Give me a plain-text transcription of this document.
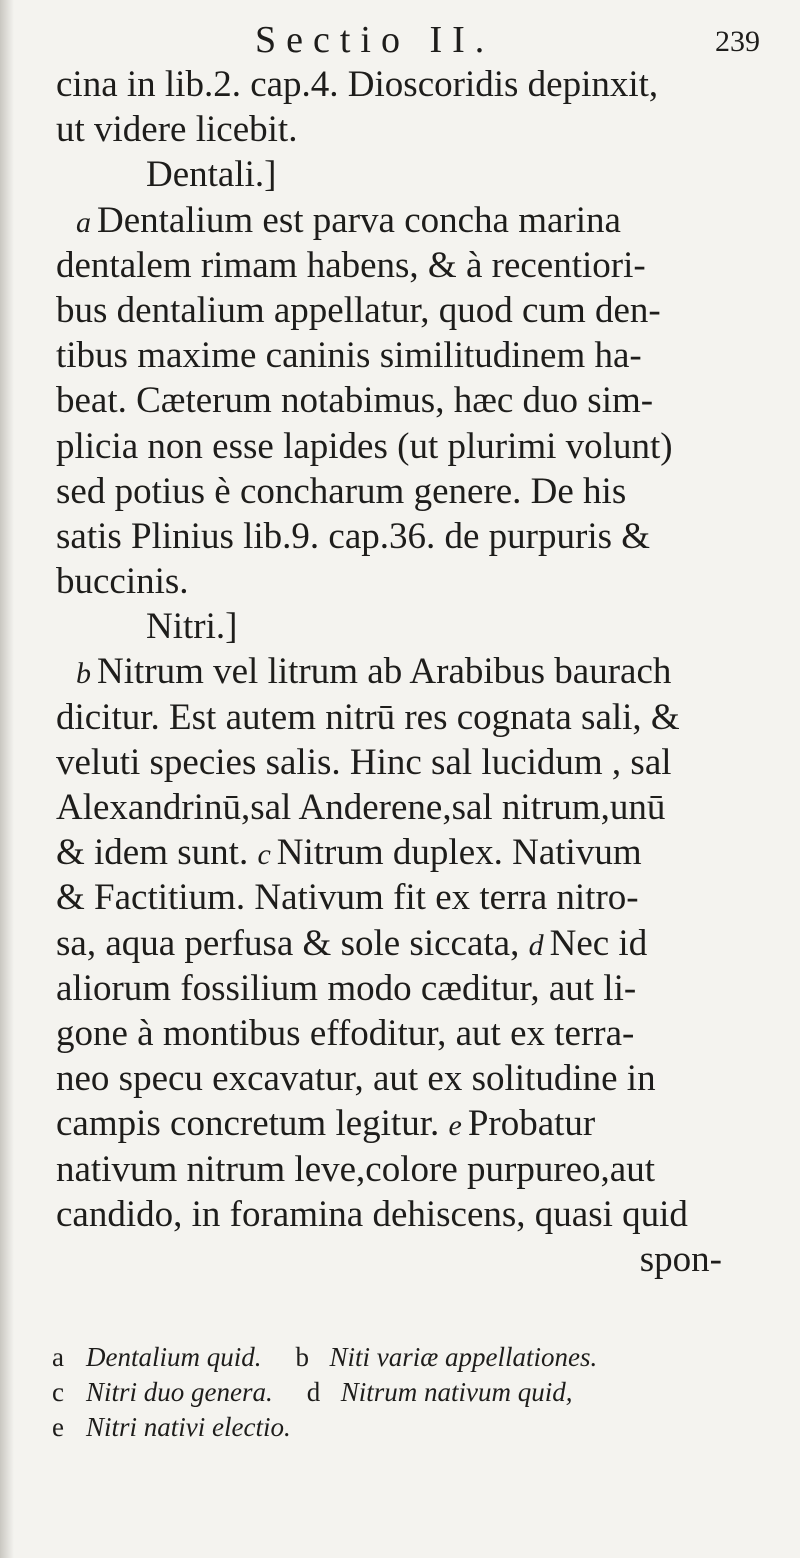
Sectio II.	239
cina in lib.2. cap.4. Dioscoridis depinxit,
ut videre licebit.
Dentali.]
a Dentalium est parva concha marina
dentalem rimam habens, & à recentiori-
bus dentalium appellatur, quod cum den-
tibus maxime caninis similitudinem ha-
beat. Cæterum notabimus, hæc duo sim-
plicia non esse lapides (ut plurimi volunt)
sed potius è concharum genere. De his
satis Plinius lib.9. cap.36. de purpuris &
buccinis.
Nitri.]
b Nitrum vel litrum ab Arabibus baurach
dicitur. Est autem nitrū res cognata sali, &
veluti species salis. Hinc sal lucidum , sal
Alexandrinū,sal Anderene,sal nitrum,unū
& idem sunt. c Nitrum duplex. Nativum
& Factitium. Nativum fit ex terra nitro-
sa, aqua perfusa & sole siccata, d Nec id
aliorum fossilium modo cæditur, aut li-
gone à montibus effoditur, aut ex terra-
neo specu excavatur, aut ex solitudine in
campis concretum legitur. e Probatur
nativum nitrum leve,colore purpureo,aut
candido, in foramina dehiscens, quasi quid
spon-
a Dentalium quid. b Niti variæ appellationes.
c Nitri duo genera. d Nitrum nativum quid,
e Nitri nativi electio.
